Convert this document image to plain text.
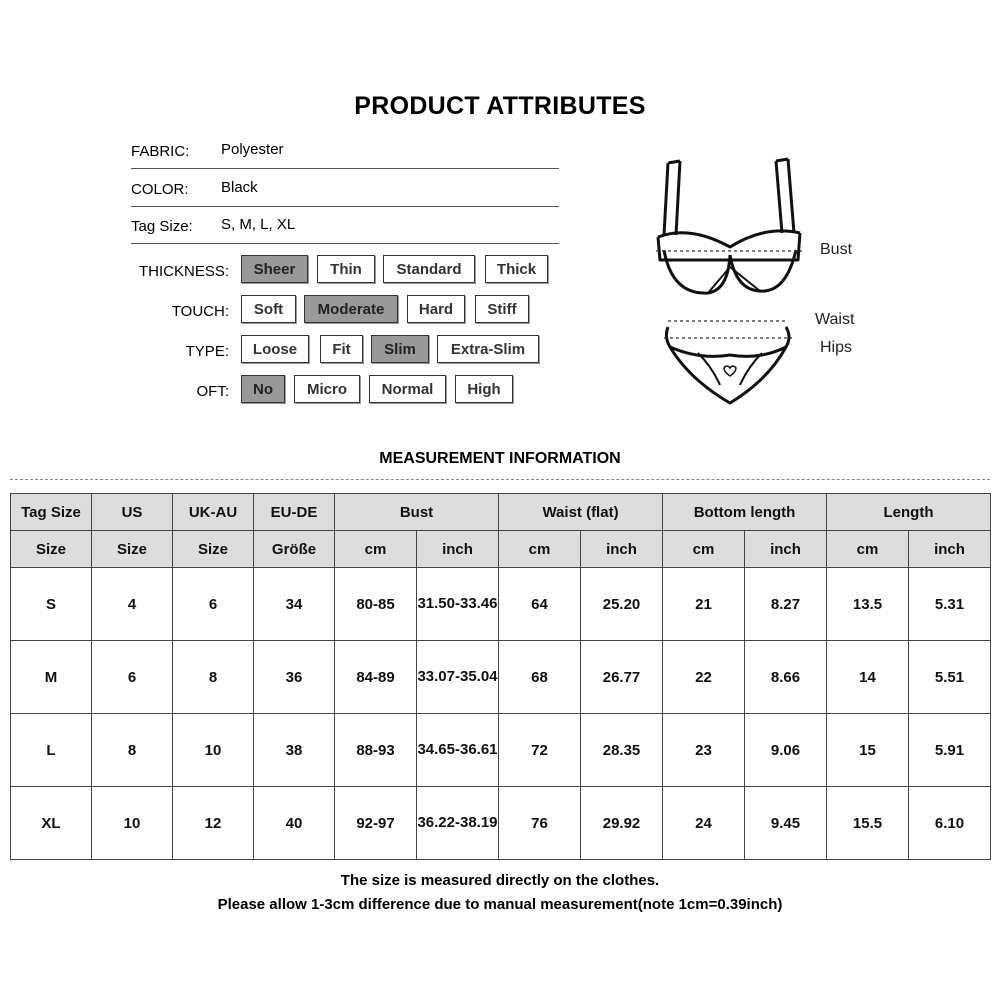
PRODUCT ATTRIBUTES
FABRIC: Polyester
COLOR: Black
Tag Size: S, M, L, XL
THICKNESS:	Sheer	Thin	Standard	Thick
TOUCH:	Soft	Moderate	Hard	Stiff
TYPE:	Loose	Fit	Slim	Extra-Slim
OFT:	No	Micro	Normal	High
Bust
Waist
Hips
MEASUREMENT INFORMATION
Tag Size	US	UK-AU	EU-DE	Bust		Waist (flat)		Bottom length		Length	
Size	Size	Size	Größe	cm	inch	cm	inch	cm	inch	cm	inch
S	4	6	34	80-85	31.50-33.46	64	25.20	21	8.27	13.5	5.31
M	6	8	36	84-89	33.07-35.04	68	26.77	22	8.66	14	5.51
L	8	10	38	88-93	34.65-36.61	72	28.35	23	9.06	15	5.91
XL	10	12	40	92-97	36.22-38.19	76	29.92	24	9.45	15.5	6.10
The size is measured directly on the clothes.
Please allow 1-3cm difference due to manual measurement(note 1cm=0.39inch)
